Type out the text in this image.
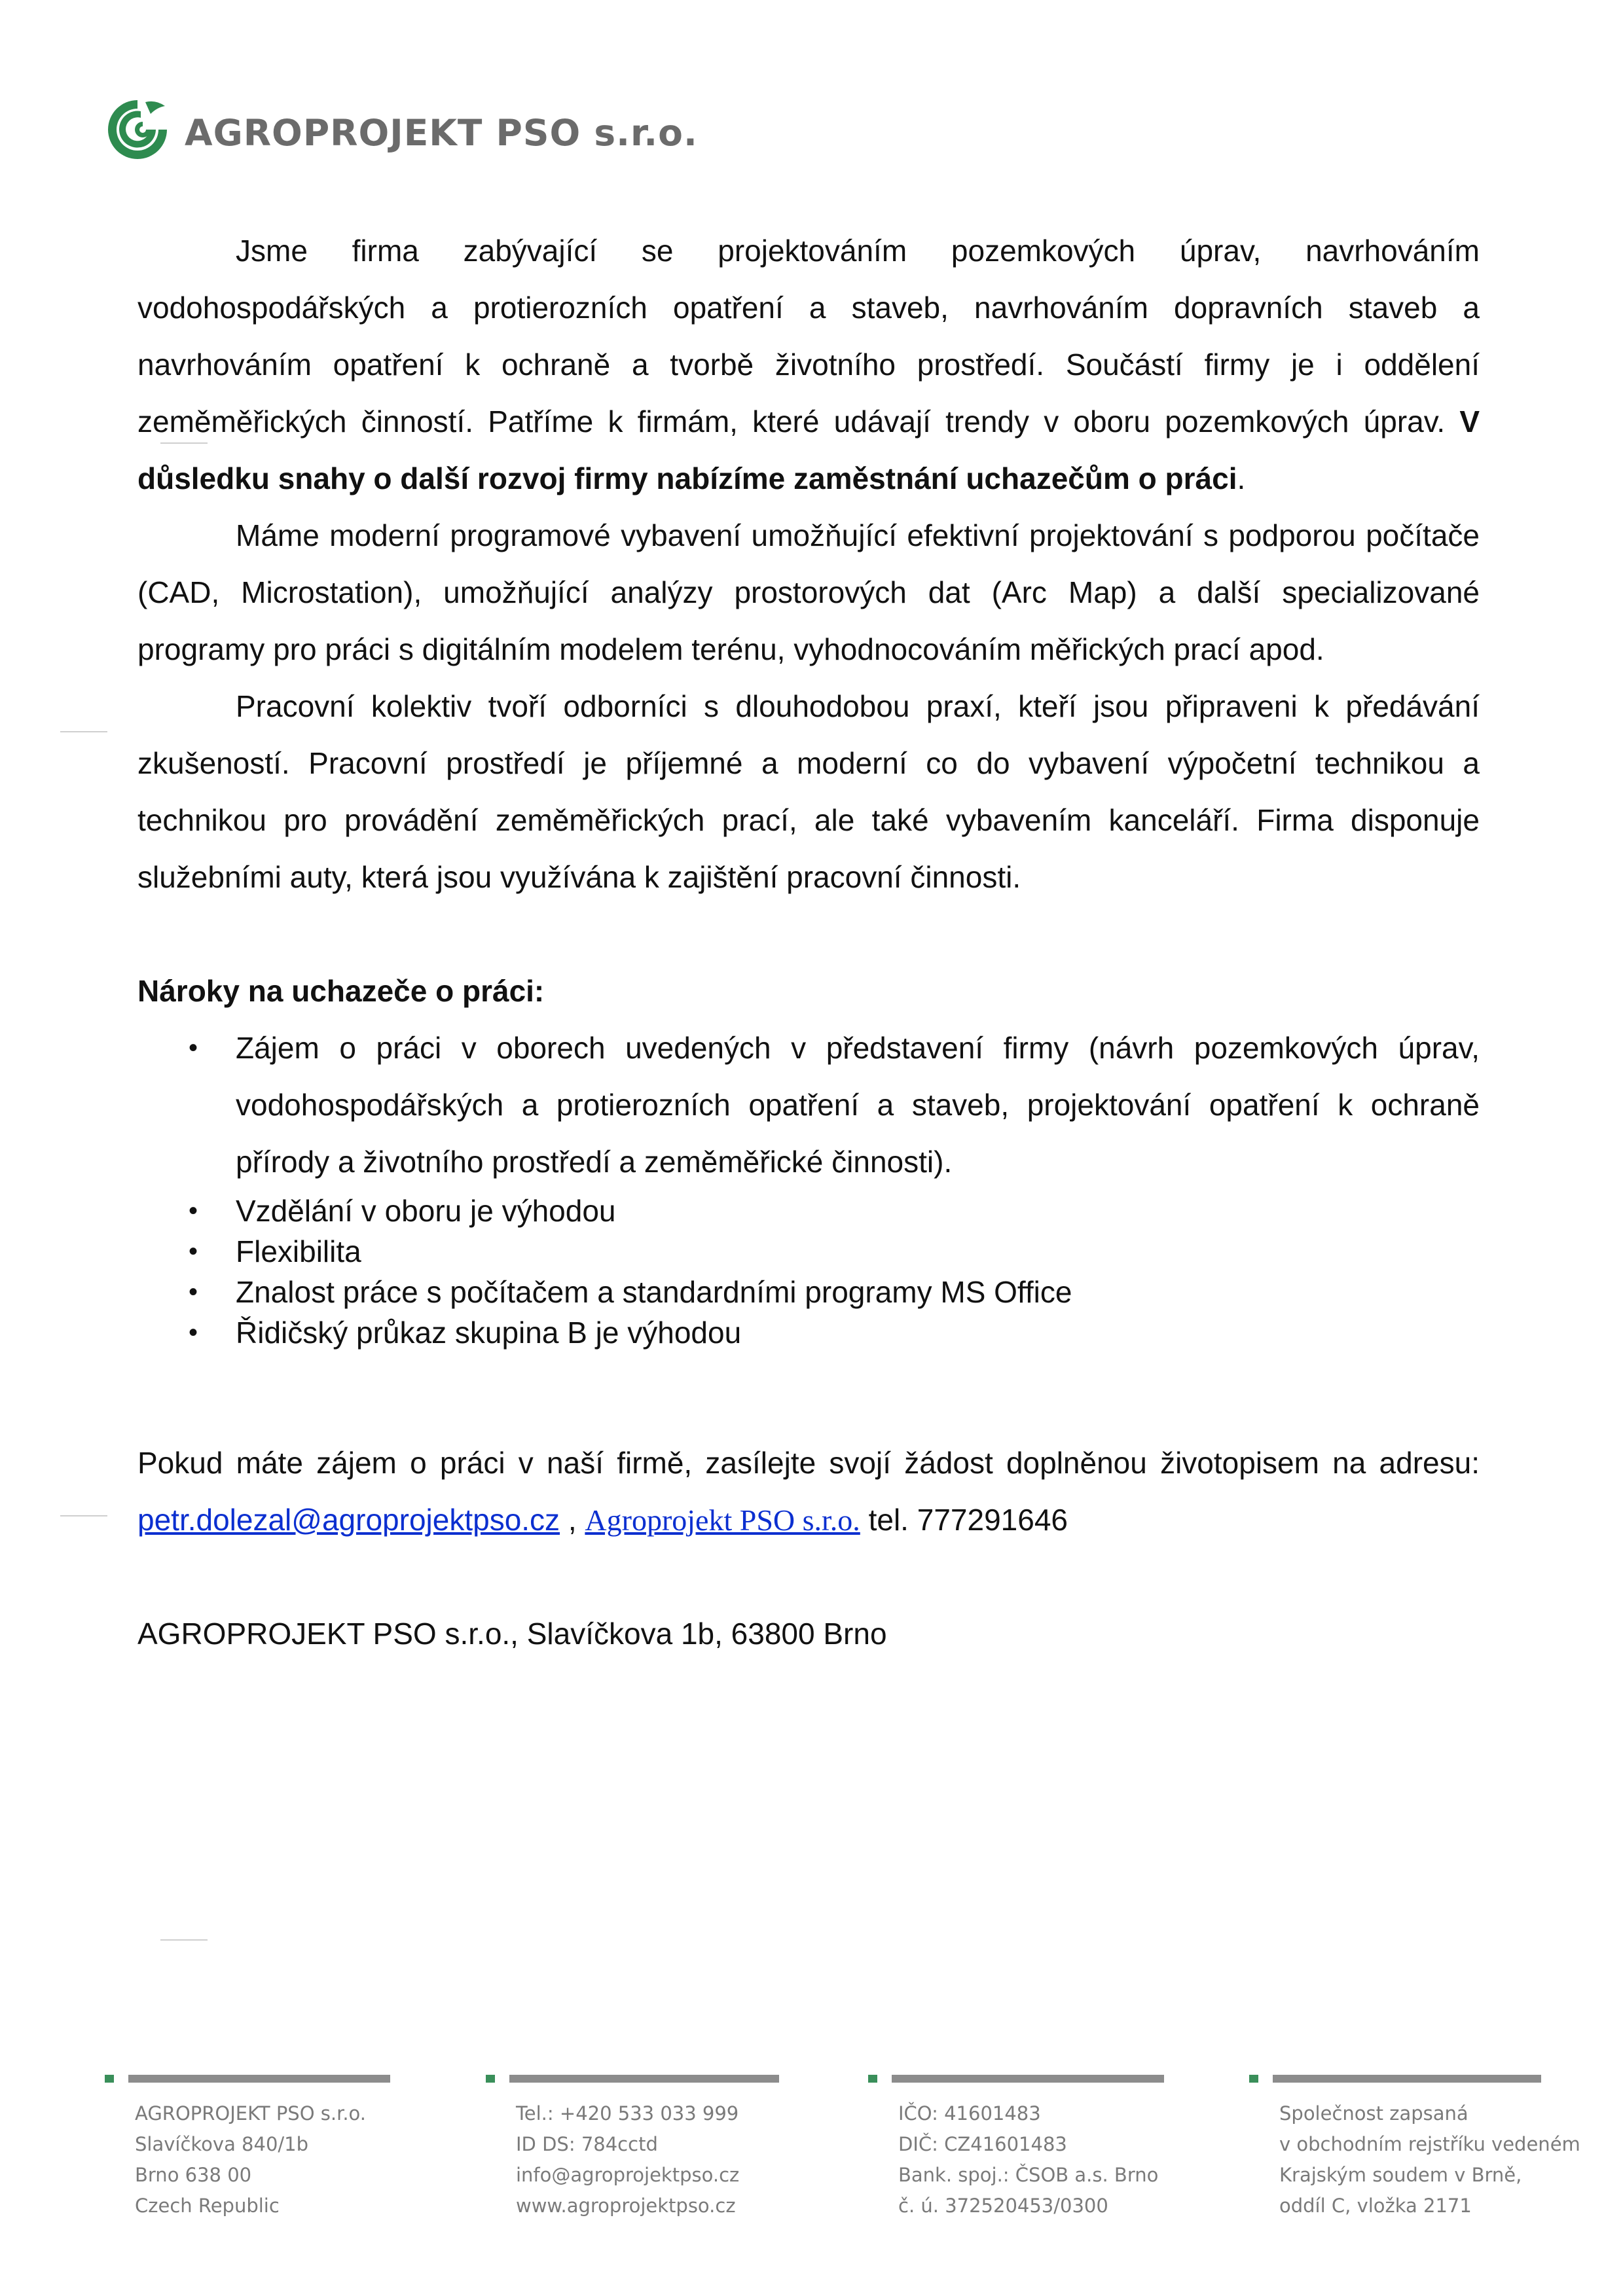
AGROPROJEKT PSO s.r.o.

Jsme firma zabývající se projektováním pozemkových úprav, navrhováním vodohospodářských a protierozních opatření a staveb, navrhováním dopravních staveb a navrhováním opatření k ochraně a tvorbě životního prostředí. Součástí firmy je i oddělení zeměměřických činností. Patříme k firmám, které udávají trendy v oboru pozemkových úprav. V důsledku snahy o další rozvoj firmy nabízíme zaměstnání uchazečům o práci.

Máme moderní programové vybavení umožňující efektivní projektování s podporou počítače (CAD, Microstation), umožňující analýzy prostorových dat (Arc Map) a další specializované programy pro práci s digitálním modelem terénu, vyhodnocováním měřických prací apod.

Pracovní kolektiv tvoří odborníci s dlouhodobou praxí, kteří jsou připraveni k předávání zkušeností. Pracovní prostředí je příjemné a moderní co do vybavení výpočetní technikou a technikou pro provádění zeměměřických prací, ale také vybavením kanceláří. Firma disponuje služebními auty, která jsou využívána k zajištění pracovní činnosti.

Nároky na uchazeče o práci:

• Zájem o práci v oborech uvedených v představení firmy (návrh pozemkových úprav, vodohospodářských a protierozních opatření a staveb, projektování opatření k ochraně přírody a životního prostředí a zeměměřické činnosti).
• Vzdělání v oboru je výhodou
• Flexibilita
• Znalost práce s počítačem a standardními programy MS Office
• Řidičský průkaz skupina B je výhodou

Pokud máte zájem o práci v naší firmě, zasílejte svojí žádost doplněnou životopisem na adresu: petr.dolezal@agroprojektpso.cz , Agroprojekt PSO s.r.o. tel. 777291646

AGROPROJEKT PSO s.r.o., Slavíčkova 1b, 63800 Brno

AGROPROJEKT PSO s.r.o.
Slavíčkova 840/1b
Brno 638 00
Czech Republic
Tel.: +420 533 033 999
ID DS: 784cctd
info@agroprojektpso.cz
www.agroprojektpso.cz
IČO: 41601483
DIČ: CZ41601483
Bank. spoj.: ČSOB a.s. Brno
č. ú. 372520453/0300
Společnost zapsaná
v obchodním rejstříku vedeném
Krajským soudem v Brně,
oddíl C, vložka 2171
